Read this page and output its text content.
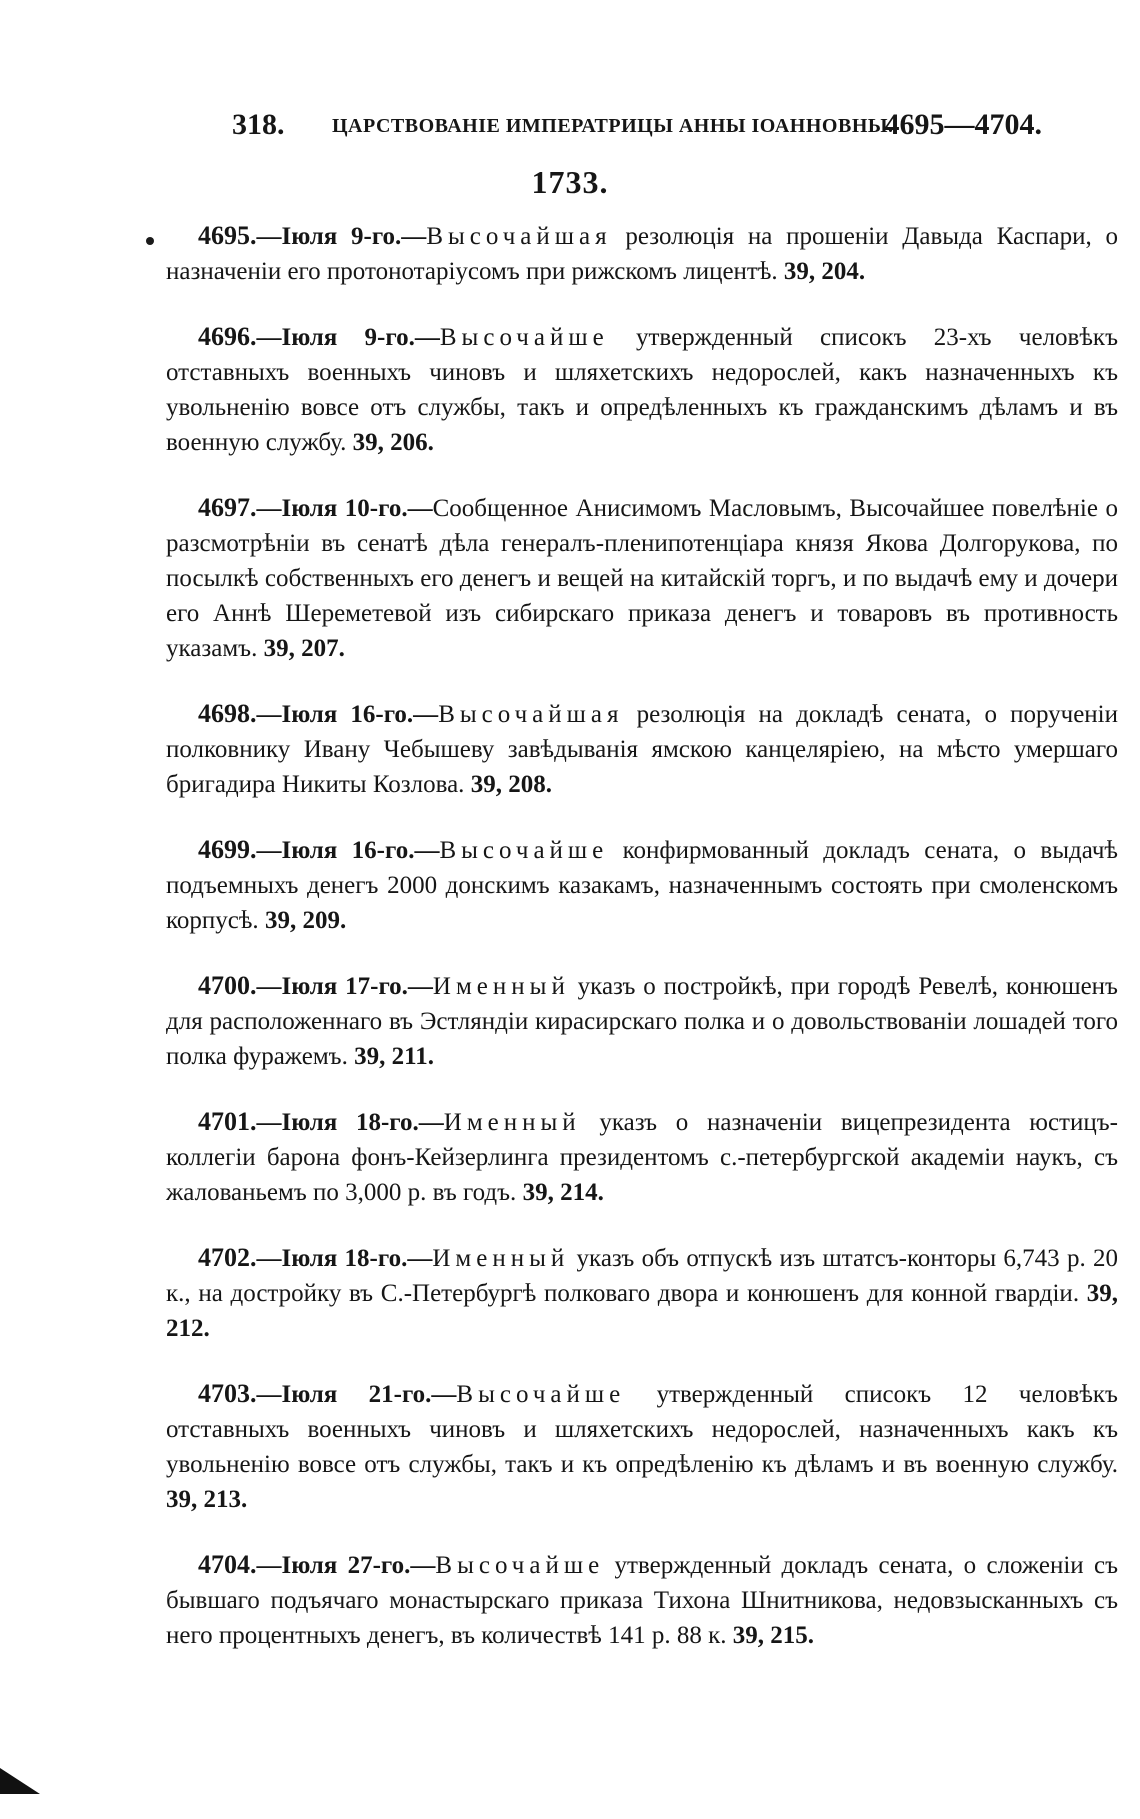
318. ЦАРСТВОВАНІЕ ИМПЕРАТРИЦЫ АННЫ ІОАННОВНЫ.
4695—4704.
1733.

4695.—Іюля 9-го.—Высочайшая резолюція на прошеніи Давыда Каспари, о назначеніи его протонотаріусомъ при рижскомъ лицентѣ. 39, 204.

4696.—Іюля 9-го.—Высочайше утвержденный списокъ 23-хъ человѣкъ отставныхъ военныхъ чиновъ и шляхетскихъ недорослей, какъ назначенныхъ къ увольненію вовсе отъ службы, такъ и опредѣленныхъ къ гражданскимъ дѣламъ и въ военную службу. 39, 206.

4697.—Іюля 10-го.—Сообщенное Анисимомъ Масловымъ, Высочайшее повелѣніе о разсмотрѣніи въ сенатѣ дѣла генералъ-пленипотенціара князя Якова Долгорукова, по посылкѣ собственныхъ его денегъ и вещей на китайскій торгъ, и по выдачѣ ему и дочери его Аннѣ Шереметевой изъ сибирскаго приказа денегъ и товаровъ въ противность указамъ. 39, 207.

4698.—Іюля 16-го.—Высочайшая резолюція на докладѣ сената, о порученіи полковнику Ивану Чебышеву завѣдыванія ямскою канцеляріею, на мѣсто умершаго бригадира Никиты Козлова. 39, 208.

4699.—Іюля 16-го.—Высочайше конфирмованный докладъ сената, о выдачѣ подъемныхъ денегъ 2000 донскимъ казакамъ, назначеннымъ состоять при смоленскомъ корпусѣ. 39, 209.

4700.—Іюля 17-го.—Именный указъ о постройкѣ, при городѣ Ревелѣ, конюшенъ для расположеннаго въ Эстляндіи кирасирскаго полка и о довольствованіи лошадей того полка фуражемъ. 39, 211.

4701.—Іюля 18-го.—Именный указъ о назначеніи вицепрезидента юстицъ-коллегіи барона фонъ-Кейзерлинга президентомъ с.-петербургской академіи наукъ, съ жалованьемъ по 3,000 р. въ годъ. 39, 214.

4702.—Іюля 18-го.—Именный указъ объ отпускѣ изъ штатсъ-конторы 6,743 р. 20 к., на достройку въ С.-Петербургѣ полковаго двора и конюшенъ для конной гвардіи. 39, 212.

4703.—Іюля 21-го.—Высочайше утвержденный списокъ 12 человѣкъ отставныхъ военныхъ чиновъ и шляхетскихъ недорослей, назначенныхъ какъ къ увольненію вовсе отъ службы, такъ и къ опредѣленію къ дѣламъ и въ военную службу. 39, 213.

4704.—Іюля 27-го.—Высочайше утвержденный докладъ сената, о сложеніи съ бывшаго подъячаго монастырскаго приказа Тихона Шнитникова, недовзысканныхъ съ него процентныхъ денегъ, въ количествѣ 141 р. 88 к. 39, 215.
